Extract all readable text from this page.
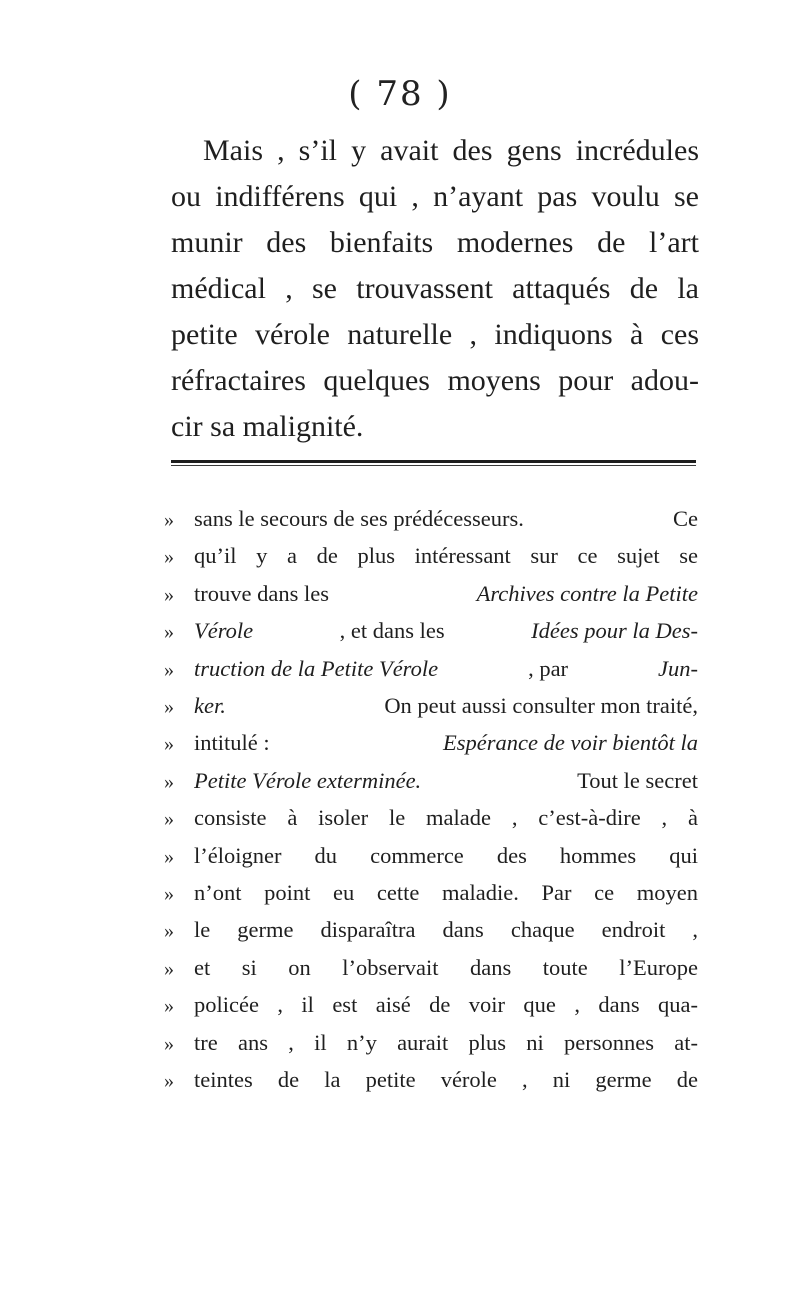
( 78 )

Mais , s’il y avait des gens incrédules
ou indifférens qui , n’ayant pas voulu se
munir des bienfaits modernes de l’art
médical , se trouvassent attaqués de la
petite vérole naturelle , indiquons à ces
réfractaires quelques moyens pour adou-
cir sa malignité.

» sans le secours de ses prédécesseurs.	Ce
» qu’il y a de plus intéressant sur ce sujet se
» trouve dans les	Archives contre la Petite
» Vérole	, et dans les	Idées pour la Des-
» truction de la Petite Vérole	, par	Jun-
» ker.	On peut aussi consulter mon traité,
» intitulé :	Espérance de voir bientôt la
» Petite Vérole exterminée.	Tout le secret
» consiste à isoler le malade , c’est-à-dire , à
» l’éloigner du commerce des hommes qui
» n’ont point eu cette maladie. Par ce moyen
» le germe disparaîtra dans chaque endroit ,
» et si on l’observait dans toute l’Europe
» policée , il est aisé de voir que , dans qua-
» tre ans , il n’y aurait plus ni personnes at-
» teintes de la petite vérole , ni germe de
